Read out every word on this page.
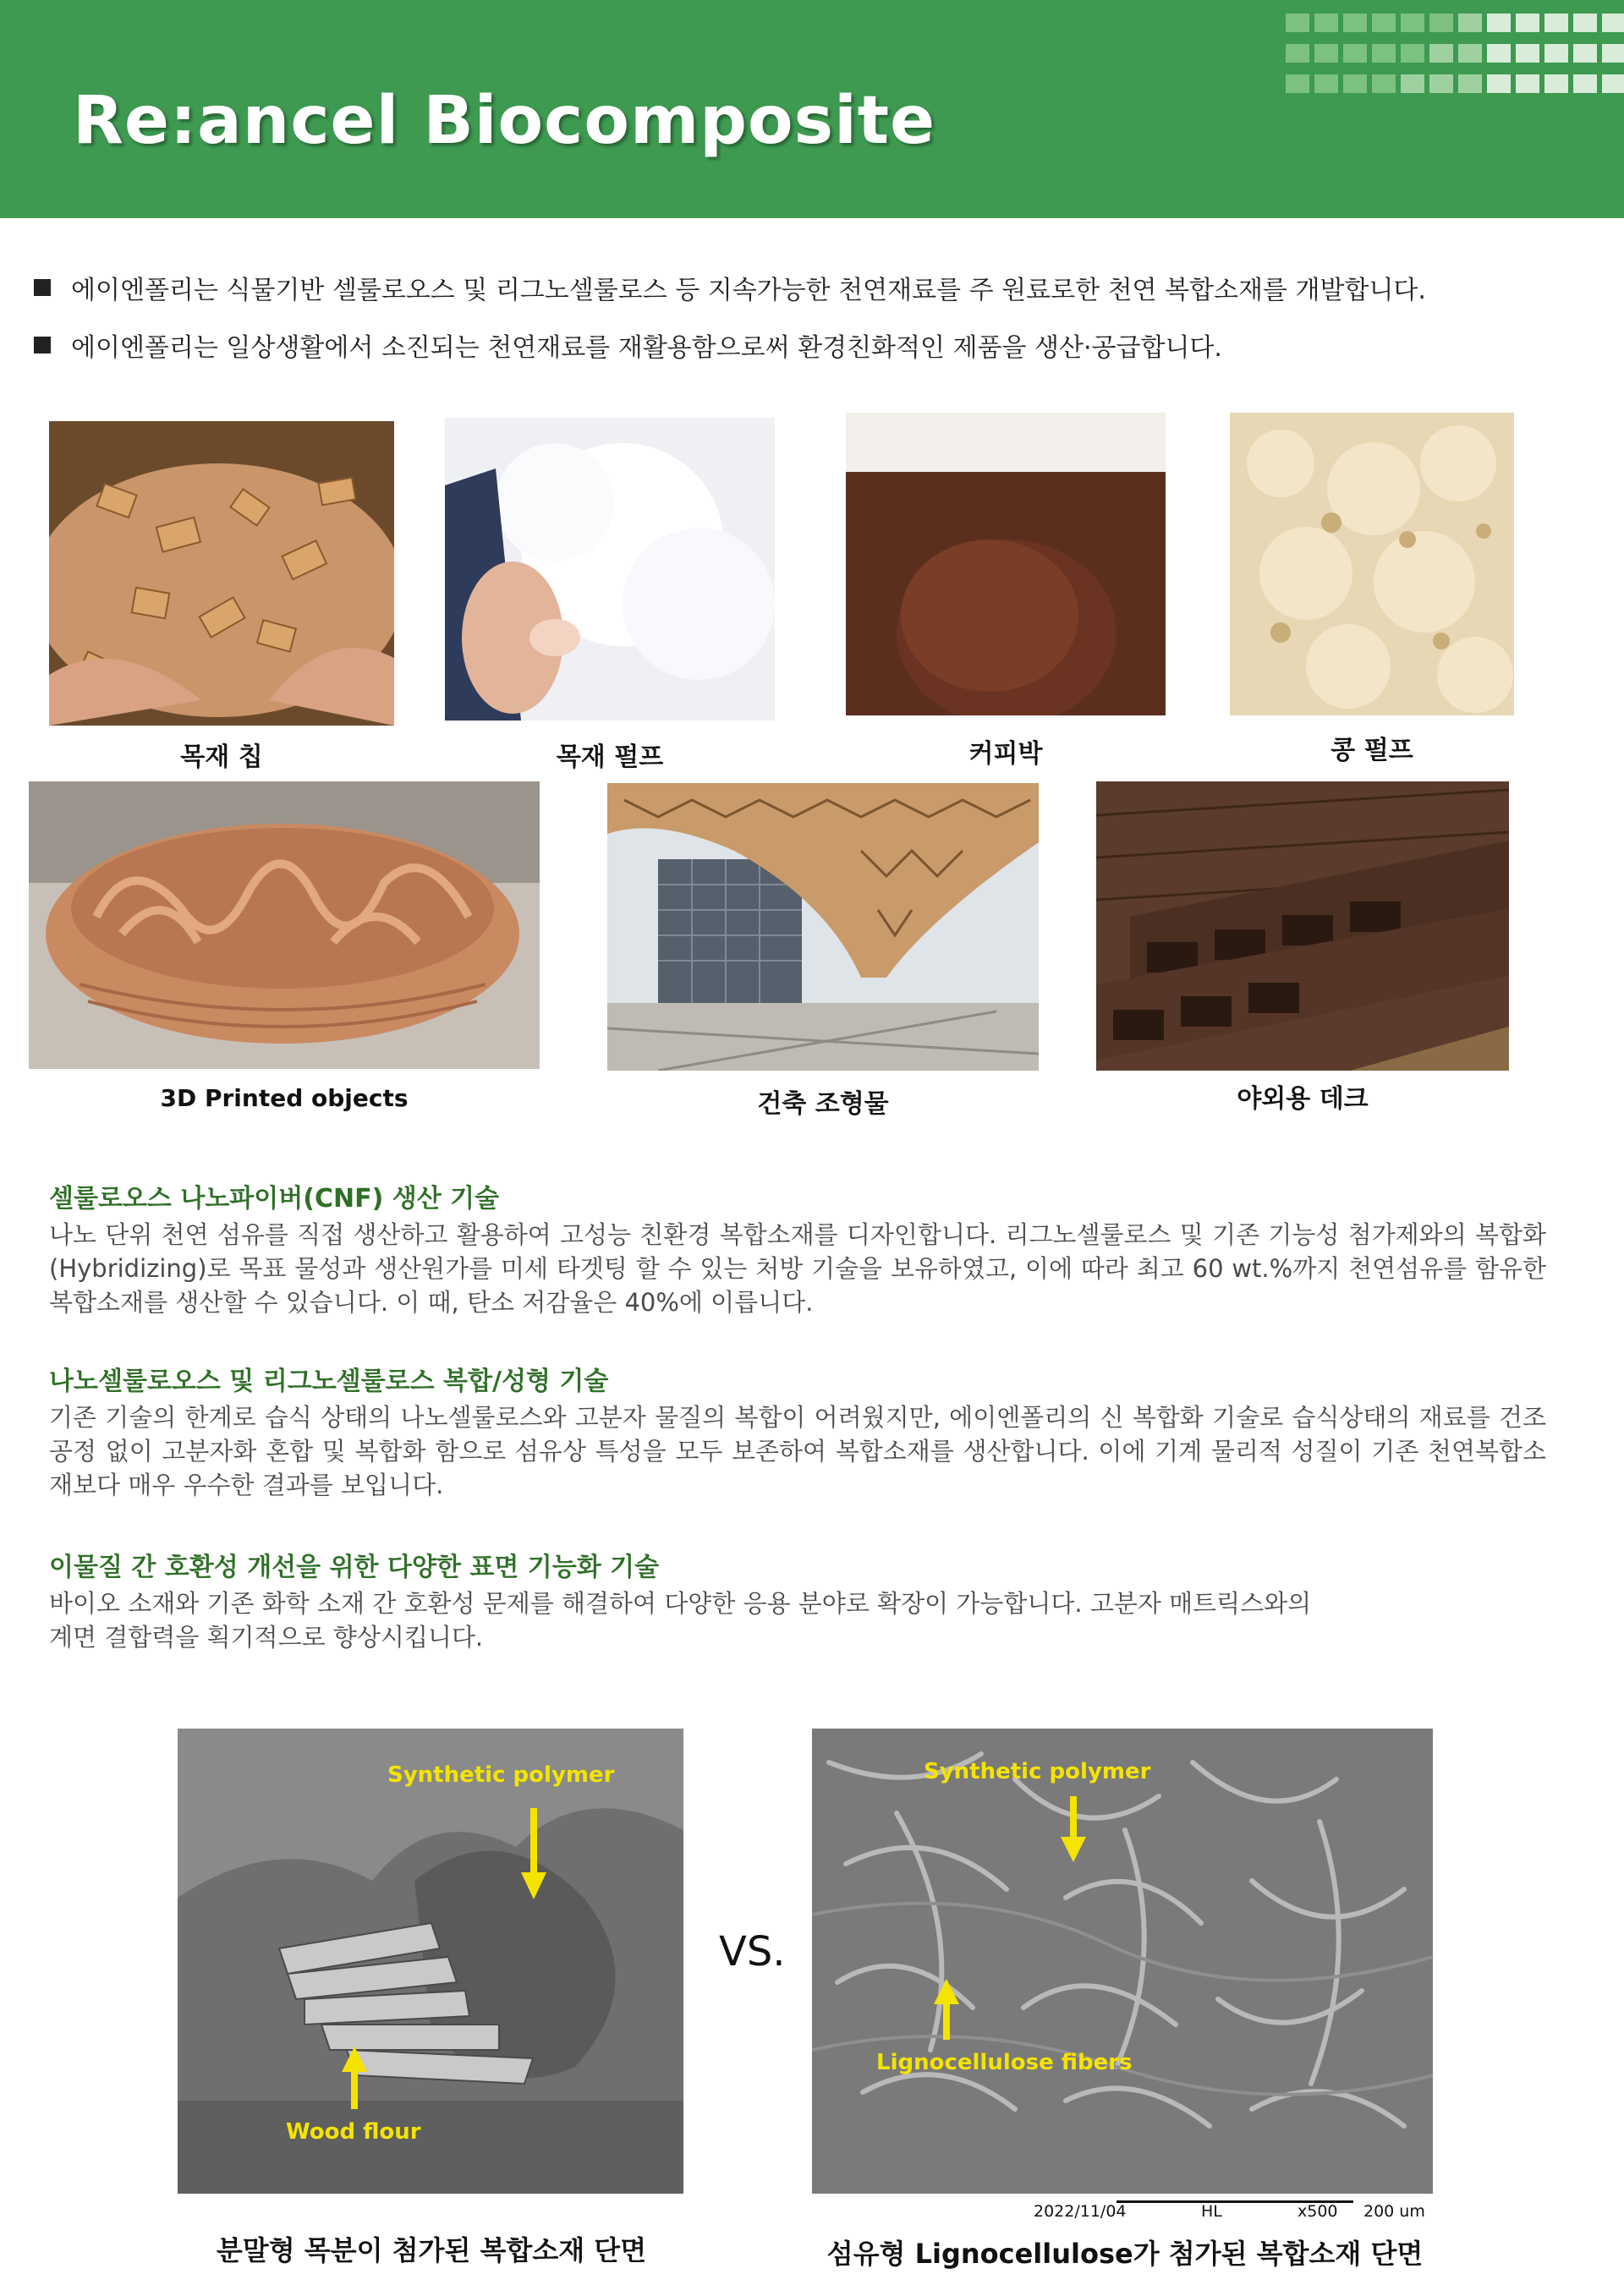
Re:ancel Biocomposite
에이엔폴리는 식물기반 셀룰로오스 및 리그노셀룰로스 등 지속가능한 천연재료를 주 원료로한 천연 복합소재를 개발합니다.
에이엔폴리는 일상생활에서 소진되는 천연재료를 재활용함으로써 환경친화적인 제품을 생산·공급합니다.
목재 칩	목재 펄프	커피박	콩 펄프
3D Printed objects	건축 조형물	야외용 데크
셀룰로오스 나노파이버(CNF) 생산 기술
나노 단위 천연 섬유를 직접 생산하고 활용하여 고성능 친환경 복합소재를 디자인합니다. 리그노셀룰로스 및 기존 기능성 첨가제와의 복합화(Hybridizing)로 목표 물성과 생산원가를 미세 타겟팅 할 수 있는 처방 기술을 보유하였고, 이에 따라 최고 60 wt.%까지 천연섬유를 함유한 복합소재를 생산할 수 있습니다. 이 때, 탄소 저감율은 40%에 이릅니다.
나노셀룰로오스 및 리그노셀룰로스 복합/성형 기술
기존 기술의 한계로 습식 상태의 나노셀룰로스와 고분자 물질의 복합이 어려웠지만, 에이엔폴리의 신 복합화 기술로 습식상태의 재료를 건조공정 없이 고분자화 혼합 및 복합화 함으로 섬유상 특성을 모두 보존하여 복합소재를 생산합니다. 이에 기계 물리적 성질이 기존 천연복합소재보다 매우 우수한 결과를 보입니다.
이물질 간 호환성 개선을 위한 다양한 표면 기능화 기술
바이오 소재와 기존 화학 소재 간 호환성 문제를 해결하여 다양한 응용 분야로 확장이 가능합니다. 고분자 매트릭스와의 계면 결합력을 획기적으로 향상시킵니다.
Synthetic polymer
Wood flour
VS.
Synthetic polymer
Lignocellulose fibers
2022/11/04	HL	x500 200 um
분말형 목분이 첨가된 복합소재 단면	섬유형 Lignocellulose가 첨가된 복합소재 단면
